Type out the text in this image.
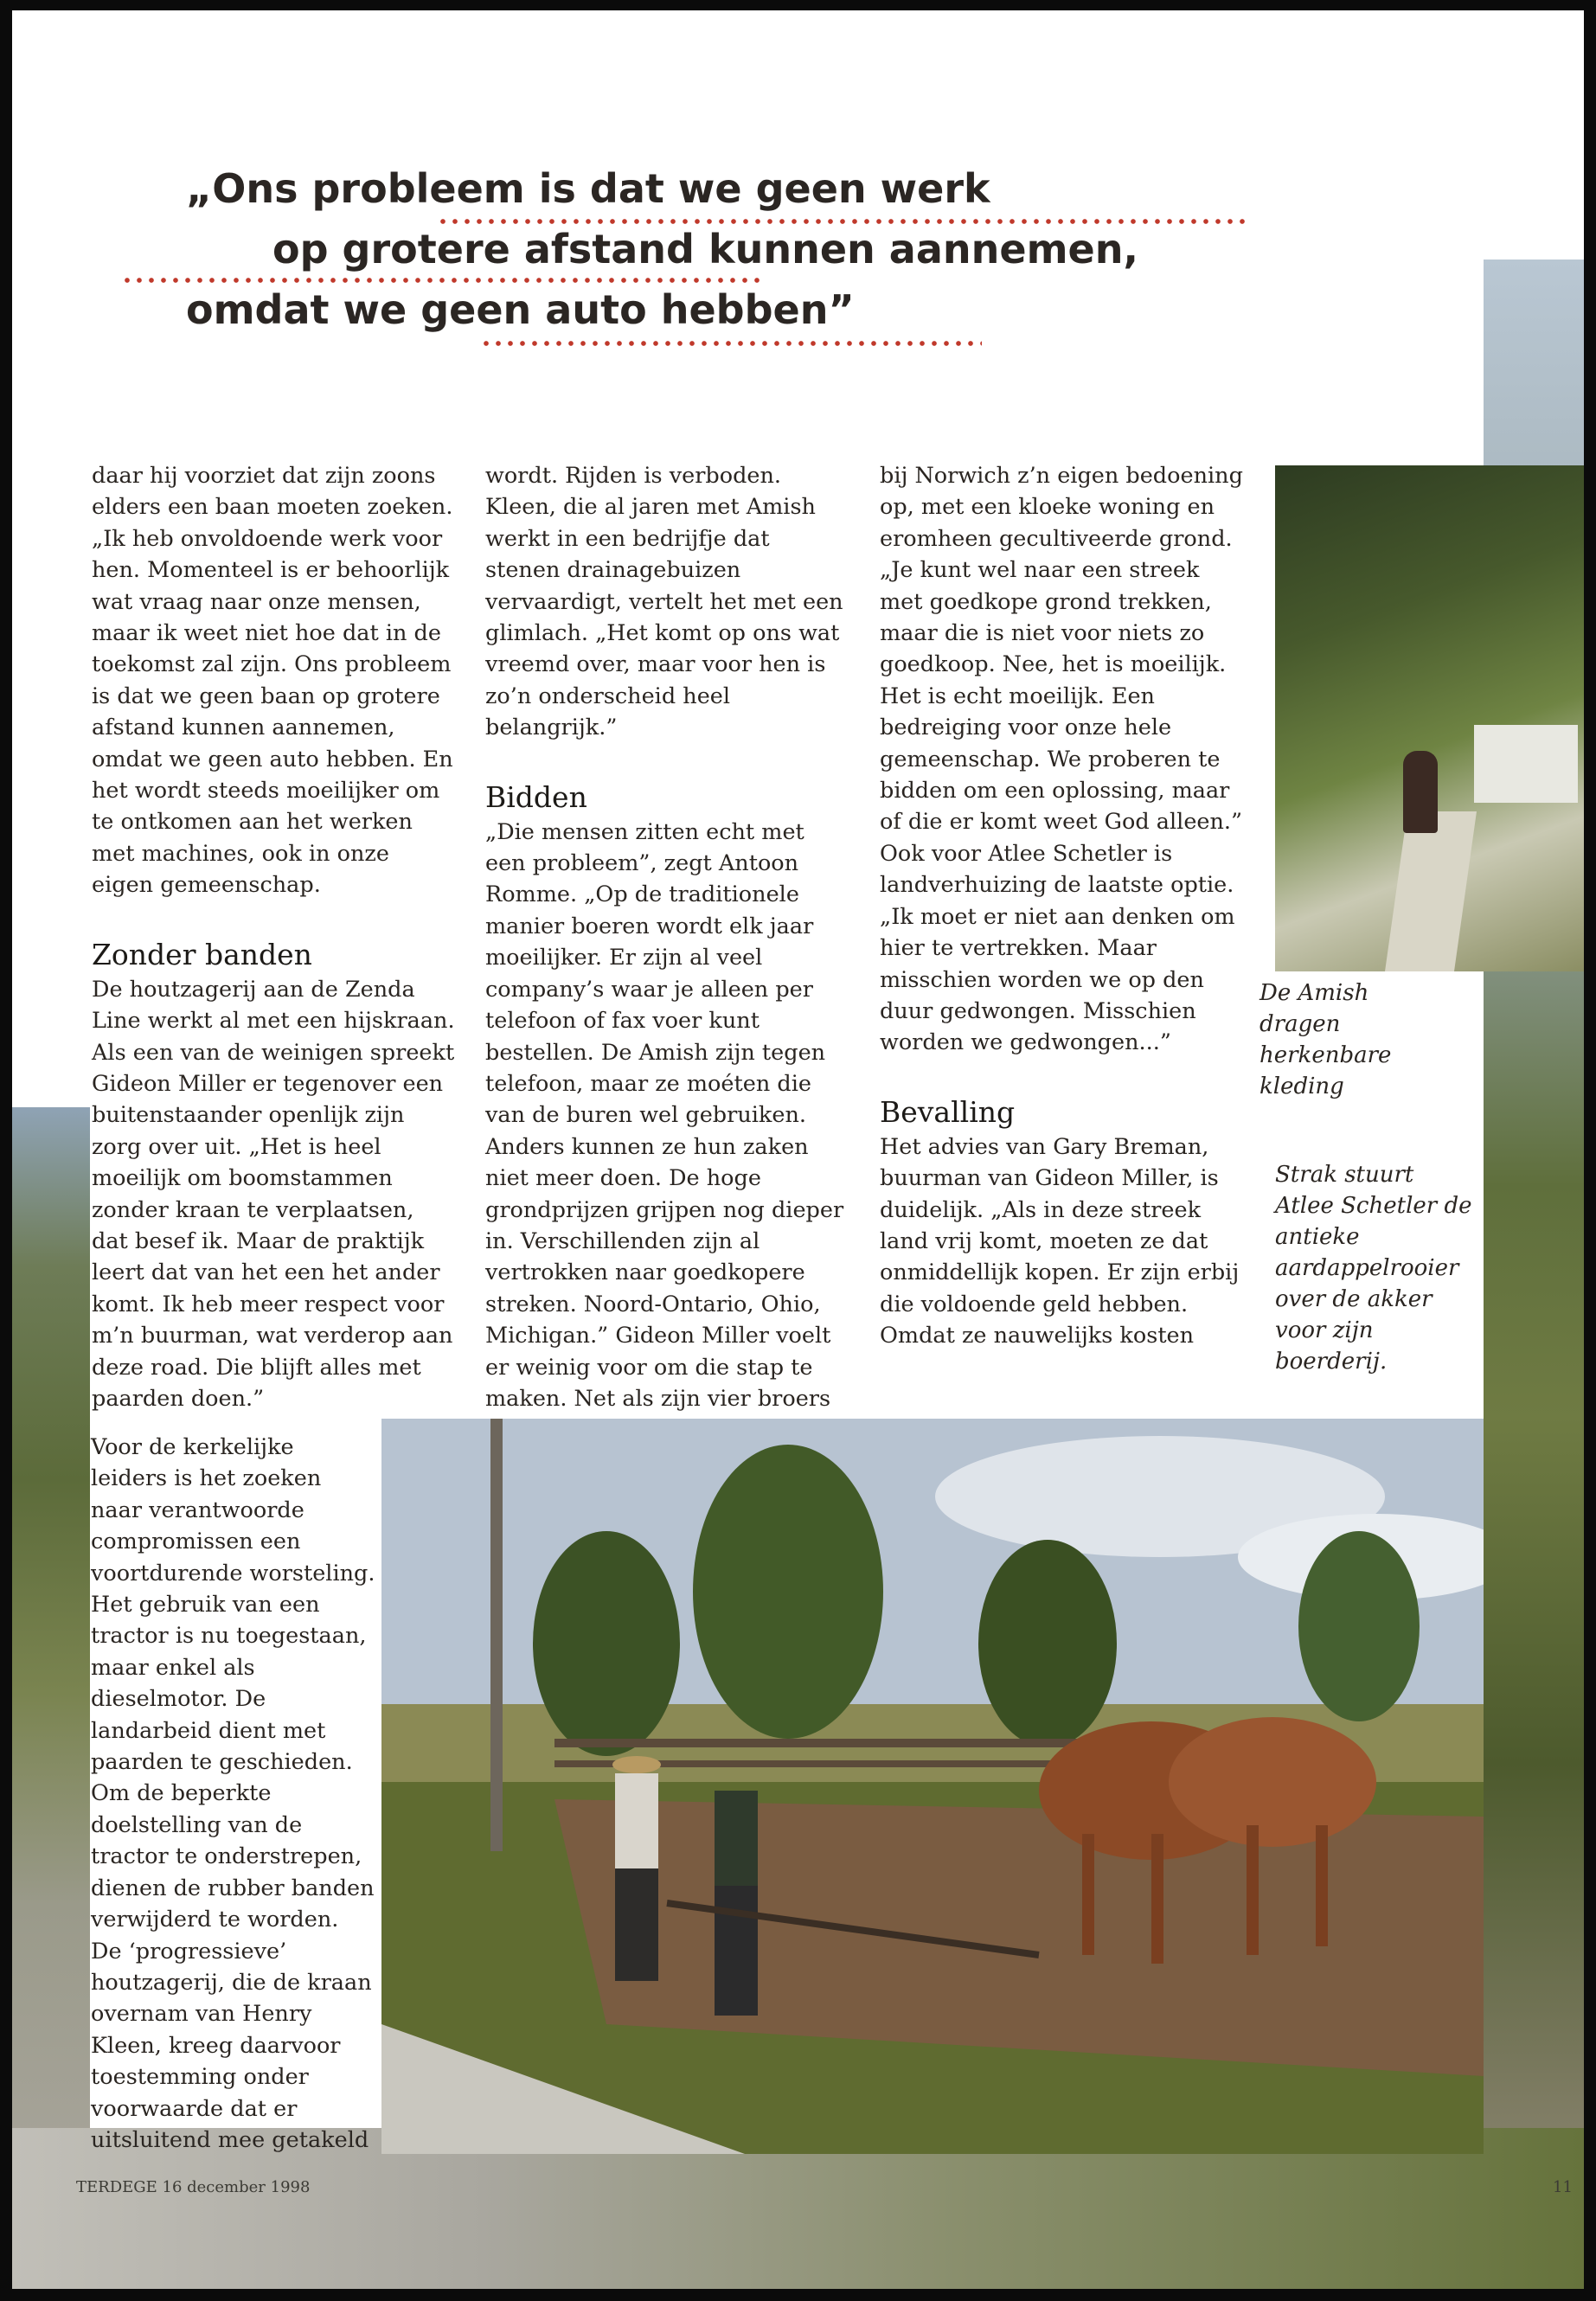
„Ons probleem is dat we geen werk
op grotere afstand kunnen aannemen,
omdat we geen auto hebben”

daar hij voorziet dat zijn zoons elders een baan moeten zoeken. „Ik heb onvoldoende werk voor hen. Momenteel is er behoorlijk wat vraag naar onze mensen, maar ik weet niet hoe dat in de toekomst zal zijn. Ons probleem is dat we geen baan op grotere afstand kunnen aannemen, omdat we geen auto hebben. En het wordt steeds moeilijker om te ontkomen aan het werken met machines, ook in onze eigen gemeenschap.

Zonder banden

De houtzagerij aan de Zenda Line werkt al met een hijskraan. Als een van de weinigen spreekt Gideon Miller er tegenover een buitenstaander openlijk zijn zorg over uit. „Het is heel moeilijk om boomstammen zonder kraan te verplaatsen, dat besef ik. Maar de praktijk leert dat van het een het ander komt. Ik heb meer respect voor m’n buurman, wat verderop aan deze road. Die blijft alles met paarden doen.”

wordt. Rijden is verboden. Kleen, die al jaren met Amish werkt in een bedrijfje dat stenen drainagebuizen vervaardigt, vertelt het met een glimlach. „Het komt op ons wat vreemd over, maar voor hen is zo’n onderscheid heel belangrijk.”

Bidden

„Die mensen zitten echt met een probleem”, zegt Antoon Romme. „Op de traditionele manier boeren wordt elk jaar moeilijker. Er zijn al veel company’s waar je alleen per telefoon of fax voer kunt bestellen. De Amish zijn tegen telefoon, maar ze moéten die van de buren wel gebruiken. Anders kunnen ze hun zaken niet meer doen. De hoge grondprijzen grijpen nog dieper in. Verschillenden zijn al vertrokken naar goedkopere streken. Noord-Ontario, Ohio, Michigan.” Gideon Miller voelt er weinig voor om die stap te maken. Net als zijn vier broers

bij Norwich z’n eigen bedoening op, met een kloeke woning en eromheen gecultiveerde grond. „Je kunt wel naar een streek met goedkope grond trekken, maar die is niet voor niets zo goedkoop. Nee, het is moeilijk. Het is echt moeilijk. Een bedreiging voor onze hele gemeenschap. We proberen te bidden om een oplossing, maar of die er komt weet God alleen.”

Ook voor Atlee Schetler is landverhuizing de laatste optie. „Ik moet er niet aan denken om hier te vertrekken. Maar misschien worden we op den duur gedwongen. Misschien worden we gedwongen...”

Bevalling

Het advies van Gary Breman, buurman van Gideon Miller, is duidelijk. „Als in deze streek land vrij komt, moeten ze dat onmiddellijk kopen. Er zijn erbij die voldoende geld hebben. Omdat ze nauwelijks kosten

De Amish dragen herkenbare kleding
Strak stuurt Atlee Schetler de antieke aardappelrooier over de akker voor zijn boerderij.

Voor de kerkelijke leiders is het zoeken naar verantwoorde compromissen een voortdurende worsteling. Het gebruik van een tractor is nu toegestaan, maar enkel als dieselmotor. De landarbeid dient met paarden te geschieden. Om de beperkte doelstelling van de tractor te onderstrepen, dienen de rubber banden verwijderd te worden.

De ‘progressieve’ houtzagerij, die de kraan overnam van Henry Kleen, kreeg daarvoor toestemming onder voorwaarde dat er uitsluitend mee getakeld

TERDEGE 16 december 1998	11
